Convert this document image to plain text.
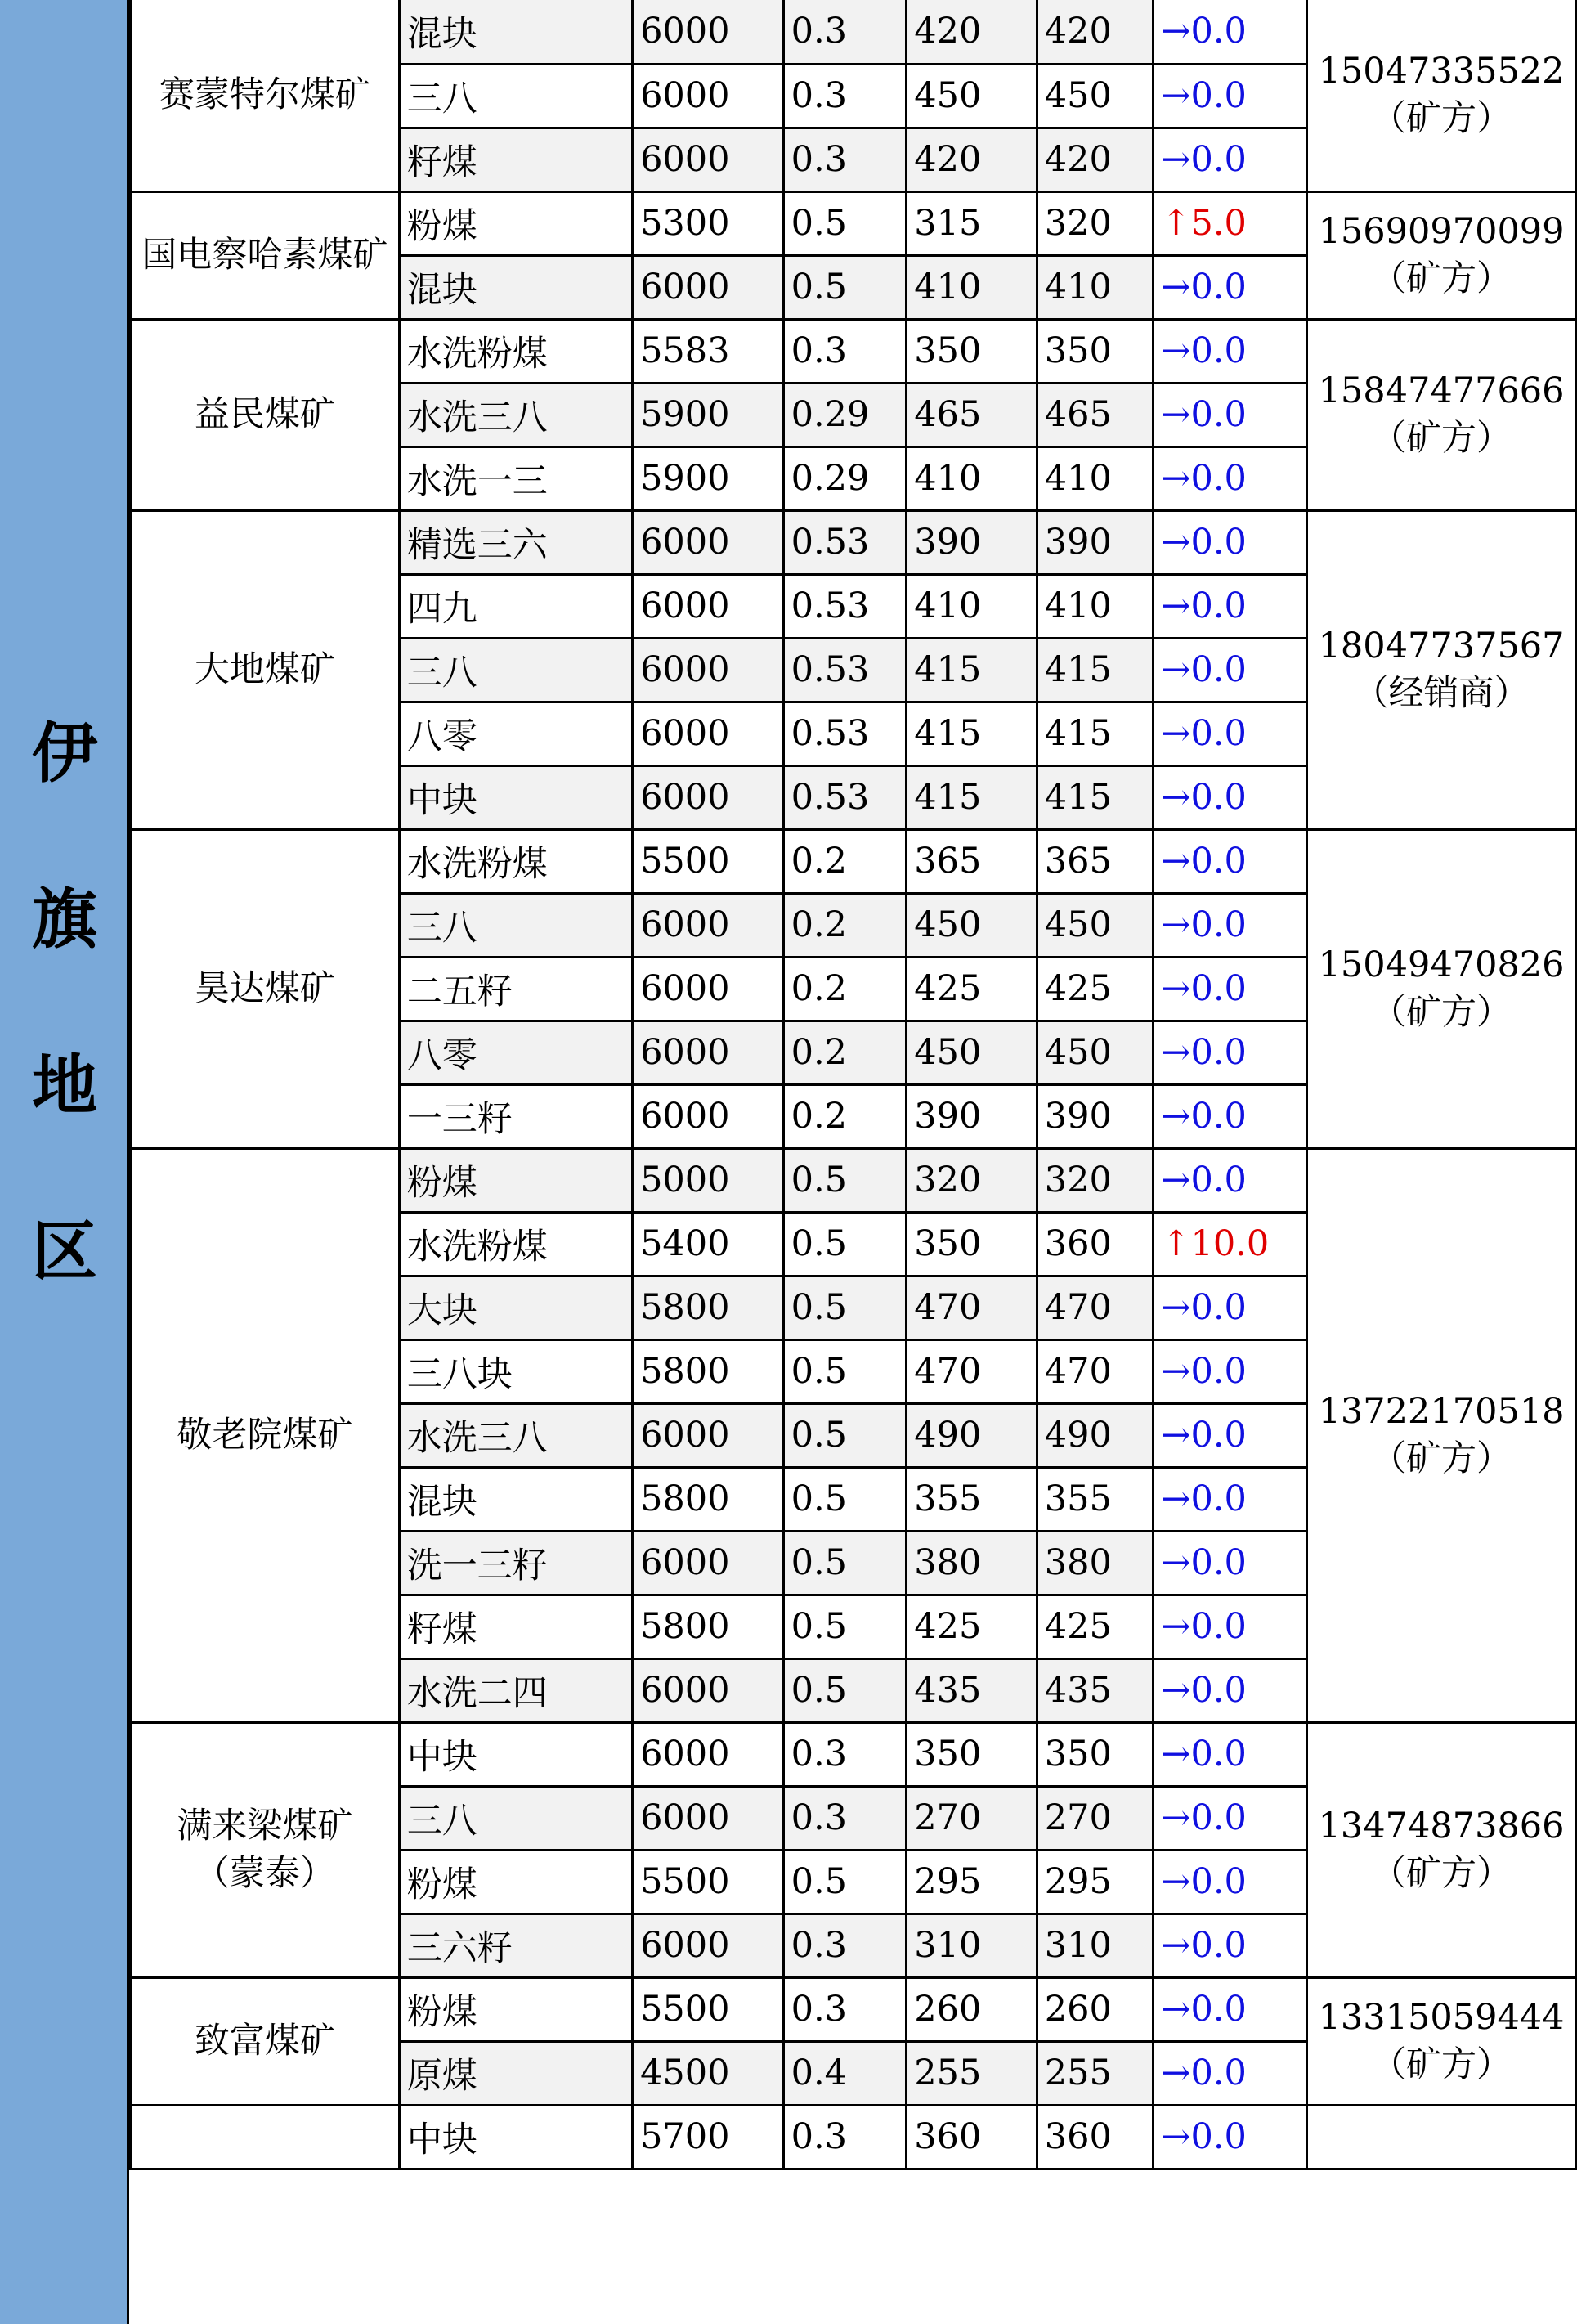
伊
旗
地
区
赛蒙特尔煤矿	混块	6000	0.3	420	420	→0.0	15047335522
（矿方）
	三八	6000	0.3	450	450	→0.0	
	籽煤	6000	0.3	420	420	→0.0	
国电察哈素煤矿	粉煤	5300	0.5	315	320	↑5.0	15690970099
（矿方）
	混块	6000	0.5	410	410	→0.0	
益民煤矿	水洗粉煤	5583	0.3	350	350	→0.0	15847477666
（矿方）
	水洗三八	5900	0.29	465	465	→0.0	
	水洗一三	5900	0.29	410	410	→0.0	
大地煤矿	精选三六	6000	0.53	390	390	→0.0	18047737567
（经销商）
	四九	6000	0.53	410	410	→0.0	
	三八	6000	0.53	415	415	→0.0	
	八零	6000	0.53	415	415	→0.0	
	中块	6000	0.53	415	415	→0.0	
昊达煤矿	水洗粉煤	5500	0.2	365	365	→0.0	15049470826
（矿方）
	三八	6000	0.2	450	450	→0.0	
	二五籽	6000	0.2	425	425	→0.0	
	八零	6000	0.2	450	450	→0.0	
	一三籽	6000	0.2	390	390	→0.0	
敬老院煤矿	粉煤	5000	0.5	320	320	→0.0	13722170518
（矿方）
	水洗粉煤	5400	0.5	350	360	↑10.0	
	大块	5800	0.5	470	470	→0.0	
	三八块	5800	0.5	470	470	→0.0	
	水洗三八	6000	0.5	490	490	→0.0	
	混块	5800	0.5	355	355	→0.0	
	洗一三籽	6000	0.5	380	380	→0.0	
	籽煤	5800	0.5	425	425	→0.0	
	水洗二四	6000	0.5	435	435	→0.0	
满来梁煤矿
（蒙泰）	中块	6000	0.3	350	350	→0.0	13474873866
（矿方）
	三八	6000	0.3	270	270	→0.0	
	粉煤	5500	0.5	295	295	→0.0	
	三六籽	6000	0.3	310	310	→0.0	
致富煤矿	粉煤	5500	0.3	260	260	→0.0	13315059444
（矿方）
	原煤	4500	0.4	255	255	→0.0	
	中块	5700	0.3	360	360	→0.0	
